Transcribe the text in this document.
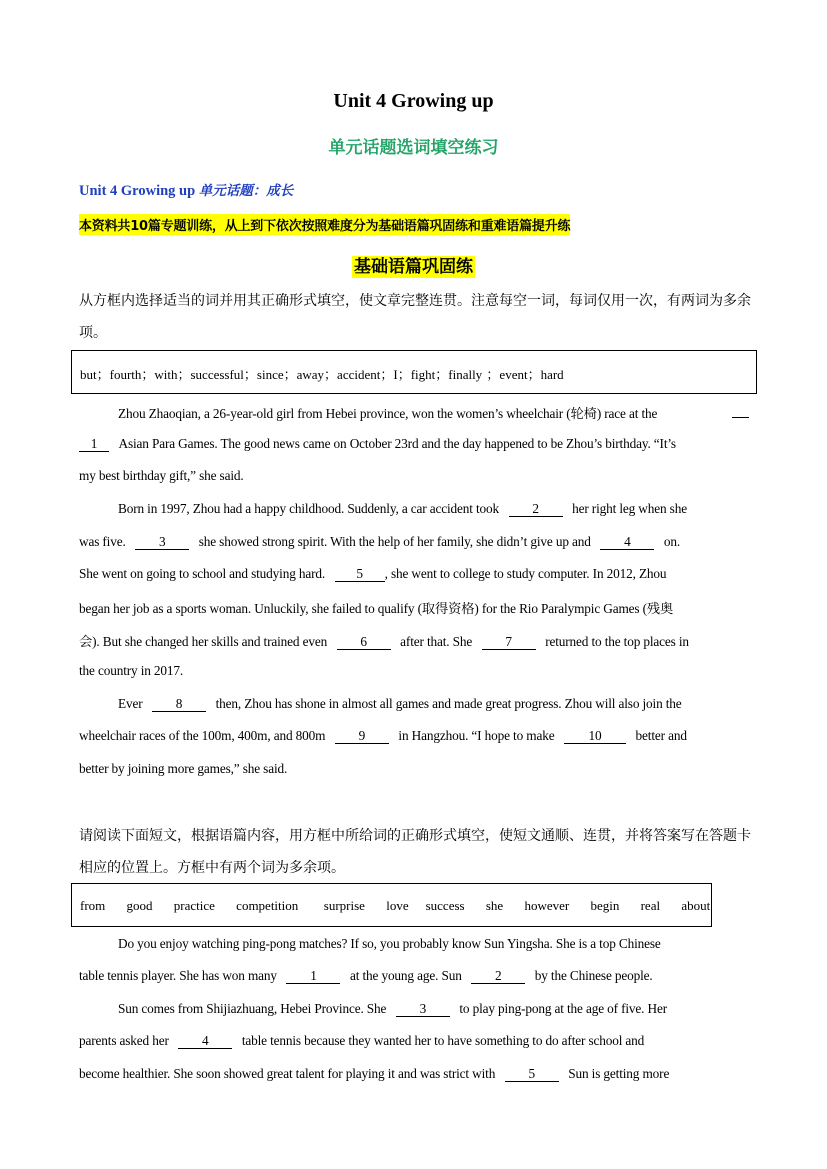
Unit 4 Growing up
单元话题选词填空练习
Unit 4 Growing up 单元话题：成长
本资料共10篇专题训练，从上到下依次按照难度分为基础语篇巩固练和重难语篇提升练
基础语篇巩固练
从方框内选择适当的词并用其正确形式填空，使文章完整连贯。注意每空一词，每词仅用一次，有两词为多余项。
but；fourth；with；successful；since；away；accident；I；fight；finally ；event；hard
Zhou Zhaoqian, a 26-year-old girl from Hebei province, won the women’s wheelchair (轮椅) race at the

1 Asian Para Games. The good news came on October 23rd and the day happened to be Zhou’s birthday. “It’s
my best birthday gift,” she said.
Born in 1997, Zhou had a happy childhood. Suddenly, a car accident took	2	her right leg when she
was five.	3	she showed strong spirit. With the help of her family, she didn’t give up and	4	on.
She went on going to school and studying hard. 5 , she went to college to study computer. In 2012, Zhou
began her job as a sports woman. Unluckily, she failed to qualify (取得资格) for the Rio Paralympic Games (残奥
会). But she changed her skills and trained even	6	after that. She	7	returned to the top places in
the country in 2017.
Ever	8	then, Zhou has shone in almost all games and made great progress. Zhou will also join the
wheelchair races of the 100m, 400m, and 800m	9	in Hangzhou. “I hope to make	10	better and
better by joining more games,” she said.
请阅读下面短文，根据语篇内容，用方框中所给词的正确形式填空，使短文通顺、连贯，并将答案写在答题卡相应的位置上。方框中有两个词为多余项。
from good practice competition surprise love success she however begin real about
Do you enjoy watching ping-pong matches? If so, you probably know Sun Yingsha. She is a top Chinese
table tennis player. She has won many	1	at the young age. Sun	2	by the Chinese people.
Sun comes from Shijiazhuang, Hebei Province. She	3	to play ping-pong at the age of five. Her
parents asked her	4	table tennis because they wanted her to have something to do after school and
become healthier. She soon showed great talent for playing it and was strict with	5	Sun is getting more
